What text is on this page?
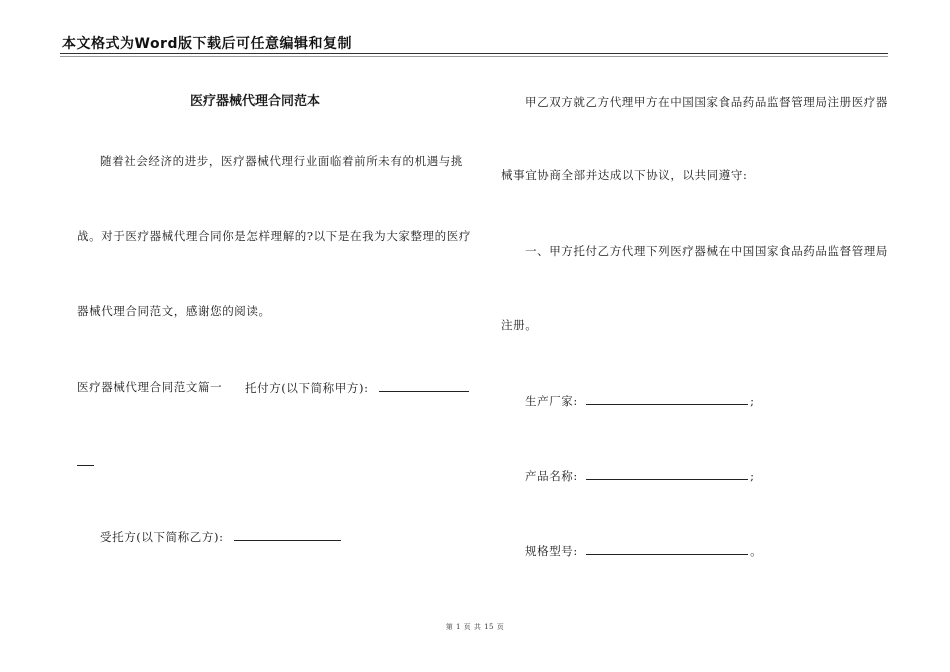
本文格式为Word版下载后可任意编辑和复制
医疗器械代理合同范本
随着社会经济的进步，医疗器械代理行业面临着前所未有的机遇与挑
战。对于医疗器械代理合同你是怎样理解的?以下是在我为大家整理的医疗
器械代理合同范文，感谢您的阅读。
医疗器械代理合同范文篇一 托付方(以下简称甲方):
受托方(以下简称乙方):
甲乙双方就乙方代理甲方在中国国家食品药品监督管理局注册医疗器
械事宜协商全部并达成以下协议，以共同遵守:
一、甲方托付乙方代理下列医疗器械在中国国家食品药品监督管理局
注册。
生产厂家:	;
产品名称:	;
规格型号:	。
第 1 页 共 15 页
